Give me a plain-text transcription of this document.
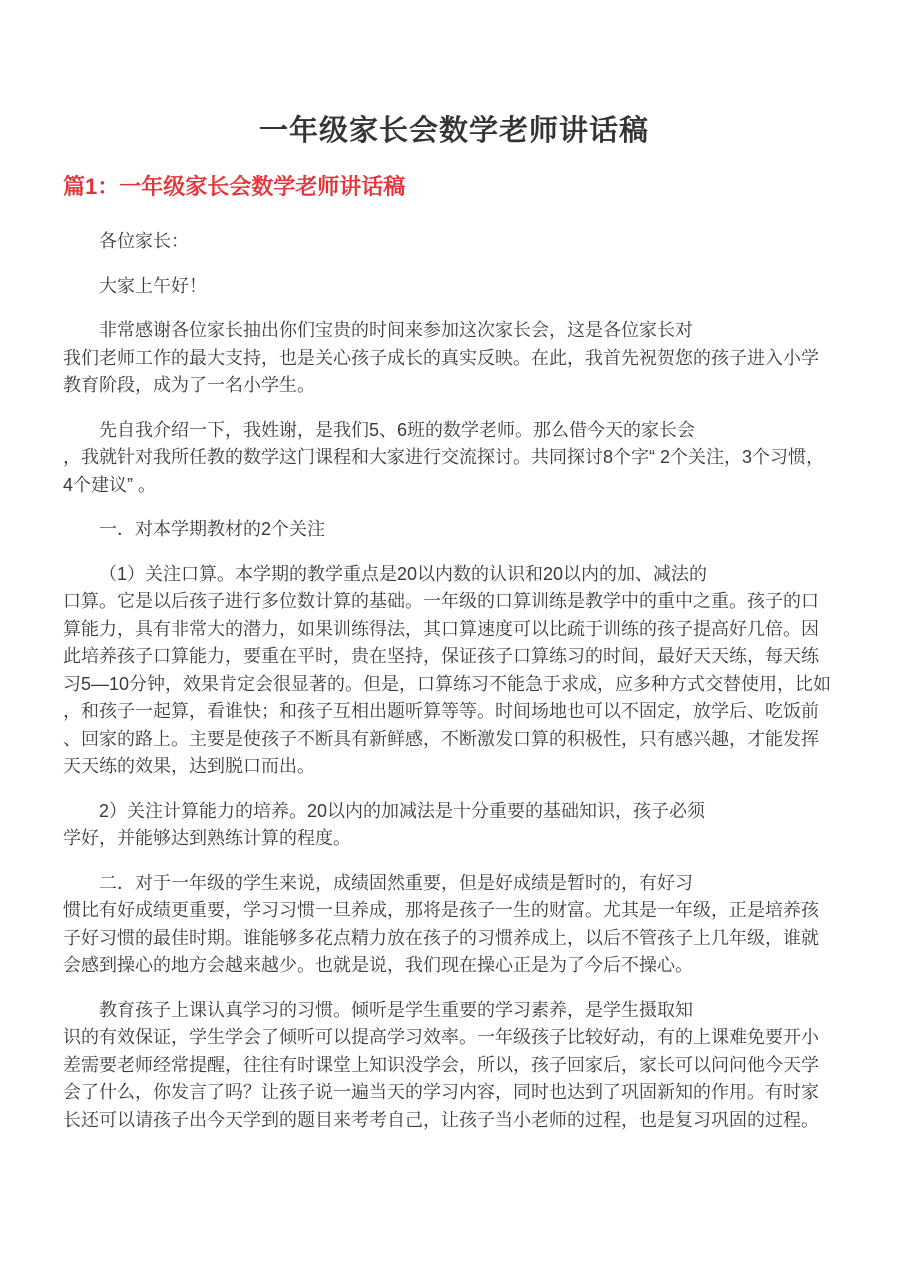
一年级家长会数学老师讲话稿
篇1：一年级家长会数学老师讲话稿
各位家长：
大家上午好！
非常感谢各位家长抽出你们宝贵的时间来参加这次家长会，这是各位家长对
我们老师工作的最大支持，也是关心孩子成长的真实反映。在此，我首先祝贺您的孩子进入小学
教育阶段，成为了一名小学生。
先自我介绍一下，我姓谢，是我们5、6班的数学老师。那么借今天的家长会
，我就针对我所任教的数学这门课程和大家进行交流探讨。共同探讨8个字“ 2个关注，3个习惯，
4个建议” 。
一．对本学期教材的2个关注
（1）关注口算。本学期的教学重点是20以内数的认识和20以内的加、减法的
口算。它是以后孩子进行多位数计算的基础。一年级的口算训练是教学中的重中之重。孩子的口
算能力，具有非常大的潜力，如果训练得法，其口算速度可以比疏于训练的孩子提高好几倍。因
此培养孩子口算能力，要重在平时，贵在坚持，保证孩子口算练习的时间，最好天天练，每天练
习5—10分钟，效果肯定会很显著的。但是，口算练习不能急于求成，应多种方式交替使用，比如
，和孩子一起算，看谁快；和孩子互相出题听算等等。时间场地也可以不固定，放学后、吃饭前
、回家的路上。主要是使孩子不断具有新鲜感，不断激发口算的积极性，只有感兴趣，才能发挥
天天练的效果，达到脱口而出。
2）关注计算能力的培养。20以内的加减法是十分重要的基础知识，孩子必须
学好，并能够达到熟练计算的程度。
二．对于一年级的学生来说，成绩固然重要，但是好成绩是暂时的，有好习
惯比有好成绩更重要，学习习惯一旦养成，那将是孩子一生的财富。尤其是一年级，正是培养孩
子好习惯的最佳时期。谁能够多花点精力放在孩子的习惯养成上，以后不管孩子上几年级，谁就
会感到操心的地方会越来越少。也就是说，我们现在操心正是为了今后不操心。
教育孩子上课认真学习的习惯。倾听是学生重要的学习素养，是学生摄取知
识的有效保证，学生学会了倾听可以提高学习效率。一年级孩子比较好动，有的上课难免要开小
差需要老师经常提醒，往往有时课堂上知识没学会，所以，孩子回家后，家长可以问问他今天学
会了什么，你发言了吗？让孩子说一遍当天的学习内容，同时也达到了巩固新知的作用。有时家
长还可以请孩子出今天学到的题目来考考自己，让孩子当小老师的过程，也是复习巩固的过程。
